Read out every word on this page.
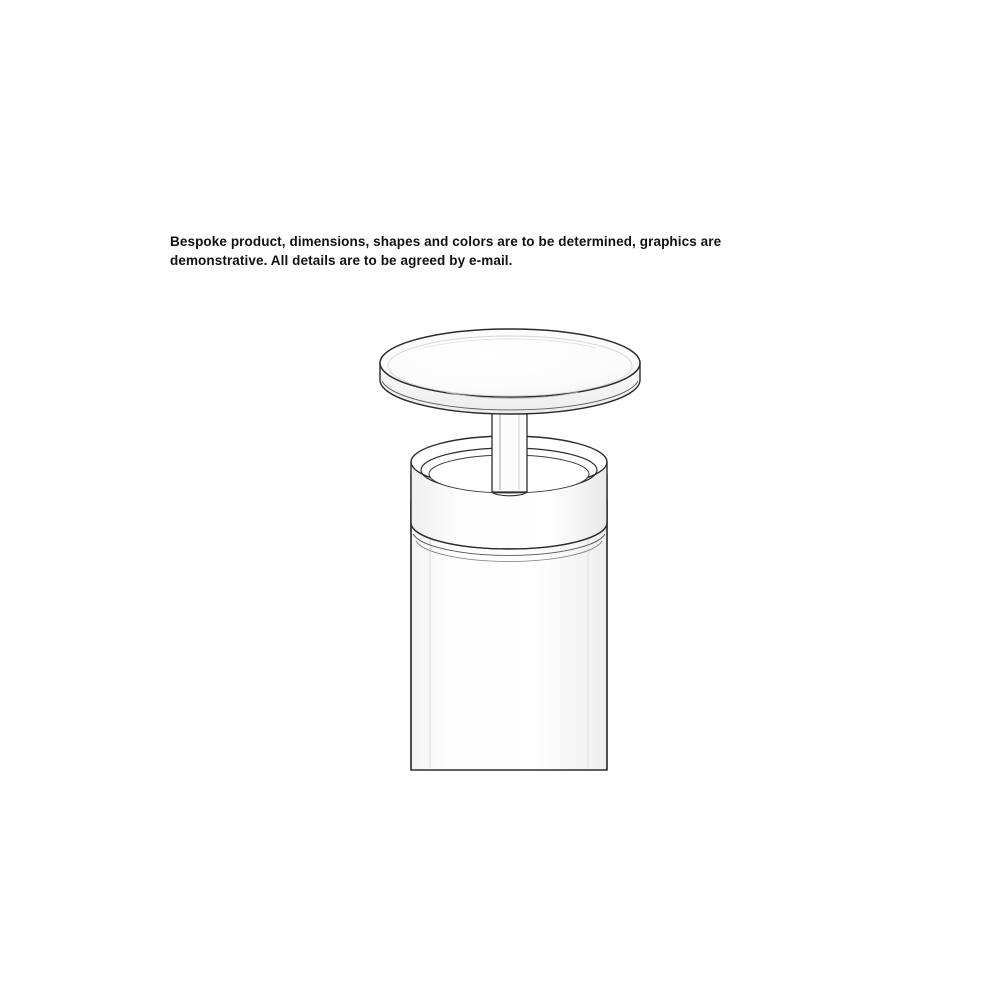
Bespoke product, dimensions, shapes and colors are to be determined, graphics are
demonstrative. All details are to be agreed by e-mail.
